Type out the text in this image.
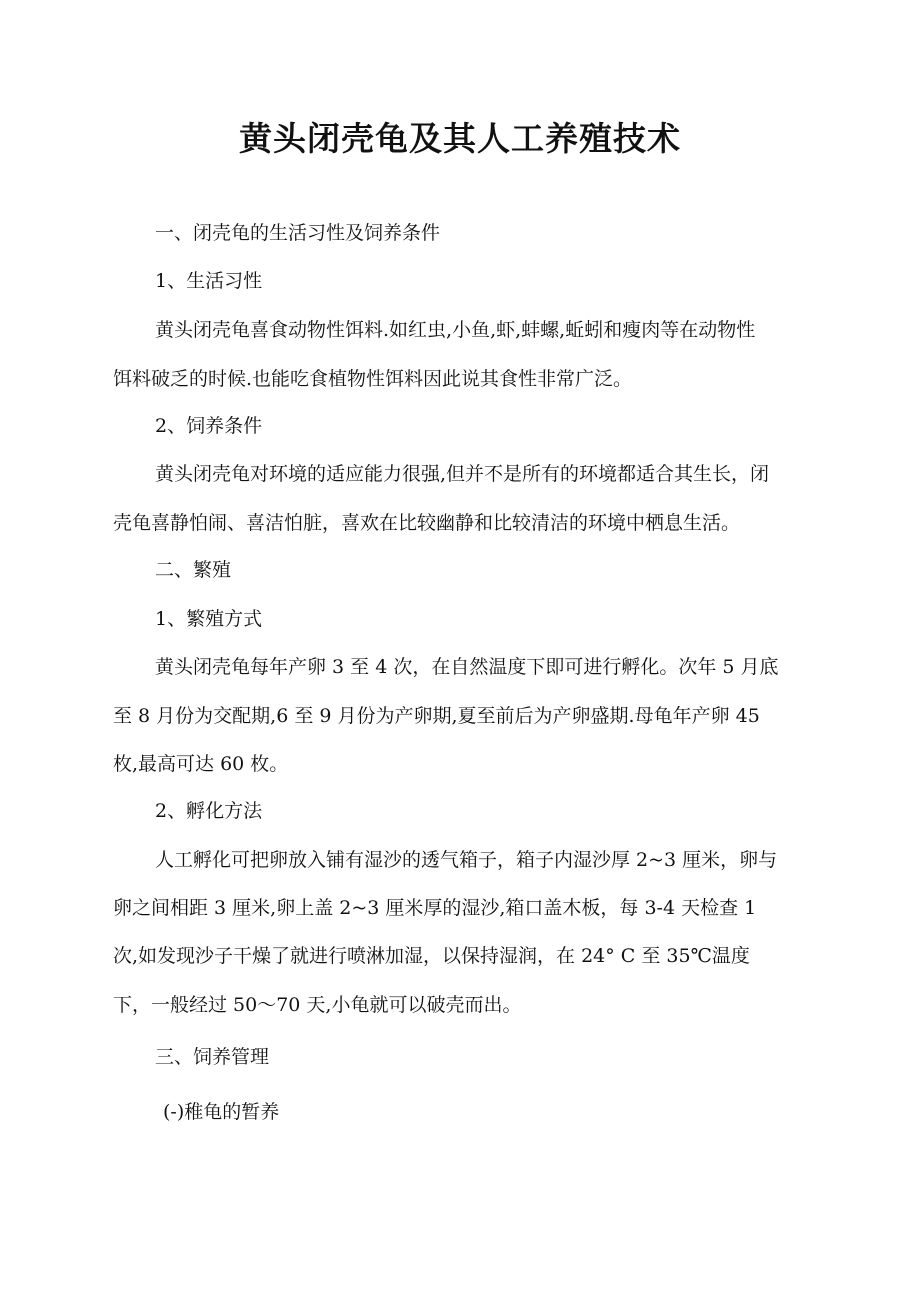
黄头闭壳龟及其人工养殖技术
一、闭壳龟的生活习性及饲养条件
1、生活习性
黄头闭壳龟喜食动物性饵料.如红虫,小鱼,虾,蚌螺,蚯蚓和瘦肉等在动物性
饵料破乏的时候.也能吃食植物性饵料因此说其食性非常广泛。
2、饲养条件
黄头闭壳龟对环境的适应能力很强,但并不是所有的环境都适合其生长，闭
壳龟喜静怕闹、喜洁怕脏，喜欢在比较幽静和比较清洁的环境中栖息生活。
二、繁殖
1、繁殖方式
黄头闭壳龟每年产卵 3 至 4 次，在自然温度下即可进行孵化。次年 5 月底
至 8 月份为交配期,6 至 9 月份为产卵期,夏至前后为产卵盛期.母龟年产卵 45
枚,最高可达 60 枚。
2、孵化方法
人工孵化可把卵放入铺有湿沙的透气箱子，箱子内湿沙厚 2~3 厘米，卵与
卵之间相距 3 厘米,卵上盖 2~3 厘米厚的湿沙,箱口盖木板，每 3-4 天检查 1
次,如发现沙子干燥了就进行喷淋加湿，以保持湿润，在 24° C 至 35℃温度
下，一般经过 50～70 天,小龟就可以破壳而出。
三、饲养管理
(-)稚龟的暂养
